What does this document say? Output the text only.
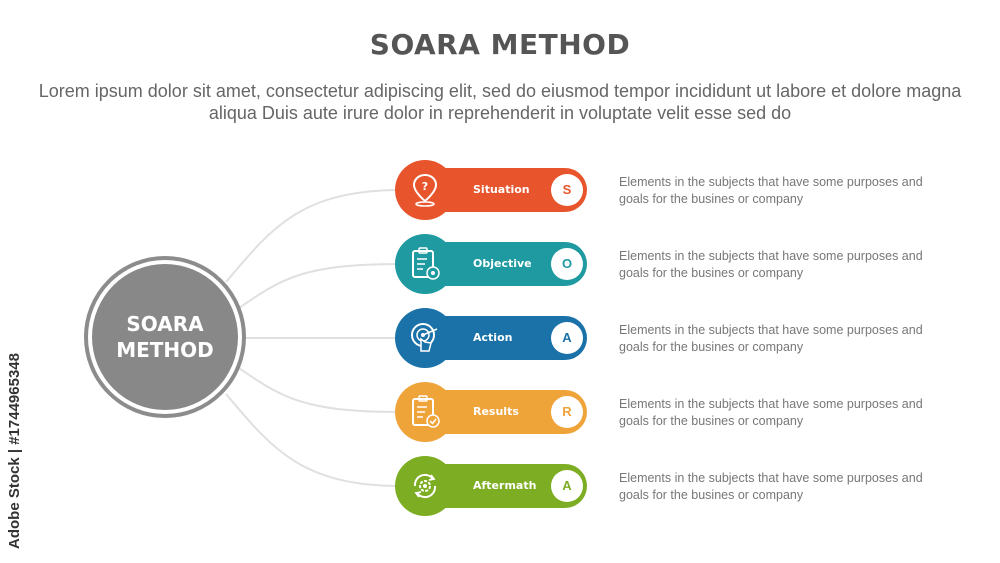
SOARA METHOD
Lorem ipsum dolor sit amet, consectetur adipiscing elit, sed do eiusmod tempor incididunt ut labore et dolore magna aliqua Duis aute irure dolor in reprehenderit in voluptate velit esse sed do
SOARA
METHOD
?	Situation	S	Elements in the subjects that have some purposes and goals for the busines or company
Objective	O	Elements in the subjects that have some purposes and goals for the busines or company
Action	A	Elements in the subjects that have some purposes and goals for the busines or company
Results	R	Elements in the subjects that have some purposes and goals for the busines or company
Aftermath	A	Elements in the subjects that have some purposes and goals for the busines or company
Adobe Stock | #1744965348
